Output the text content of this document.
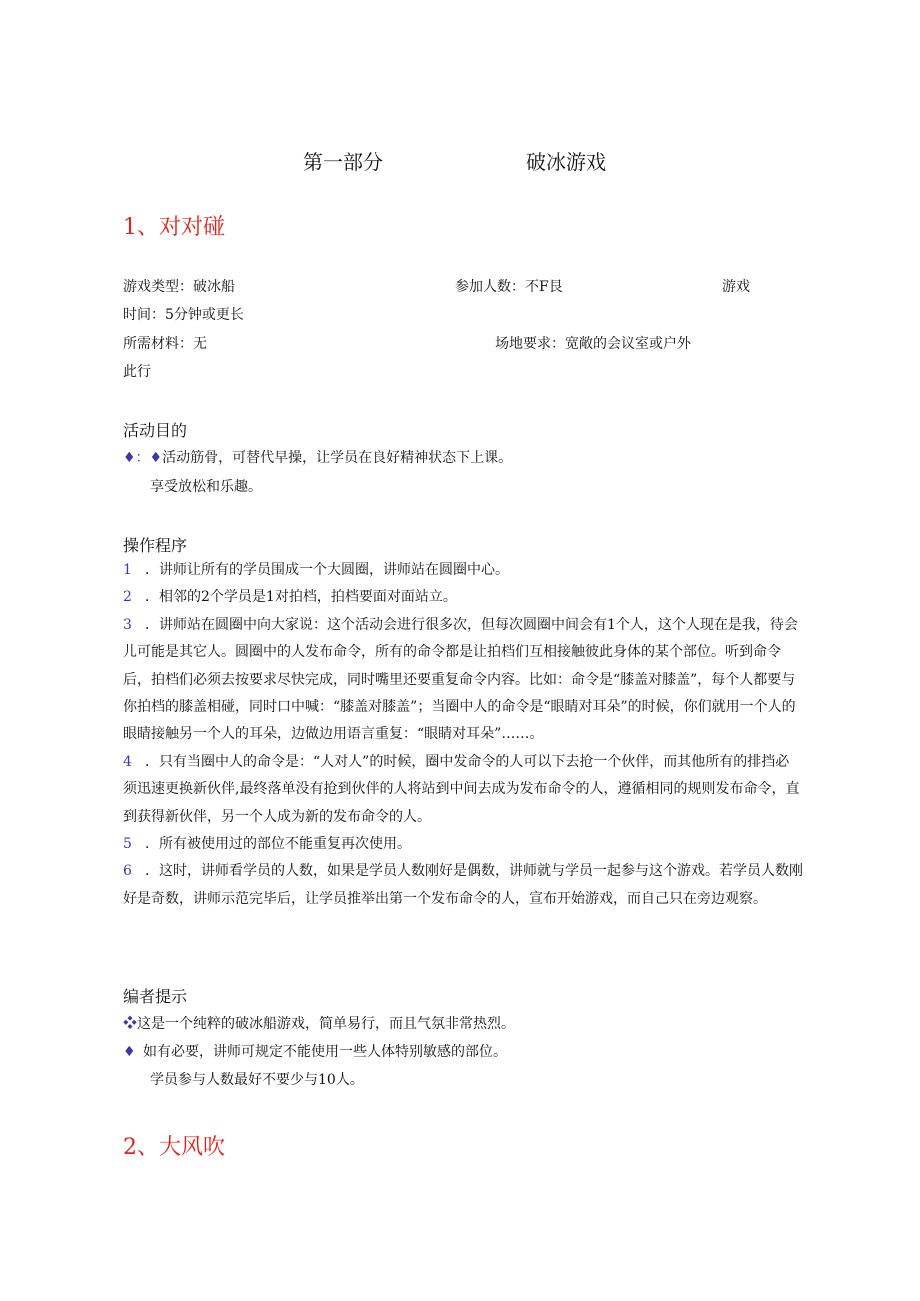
第一部分	破冰游戏
1、对对碰
游戏类型：破冰船	参加人数：不F艮	游戏
时间：5分钟或更长
所需材料：无	场地要求：宽敞的会议室或户外
此行
活动目的
♦：♦活动筋骨，可替代早操，让学员在良好精神状态下上课。
享受放松和乐趣。
操作程序
1 ．讲师让所有的学员围成一个大圆圈，讲师站在圆圈中心。
2 ．相邻的2个学员是1对拍档，拍档要面对面站立。
3 ．讲师站在圆圈中向大家说：这个活动会进行很多次，但每次圆圈中间会有1个人，这个人现在是我，待会儿可能是其它人。圆圈中的人发布命令，所有的命令都是让拍档们互相接触彼此身体的某个部位。听到命令后，拍档们必须去按要求尽快完成，同时嘴里还要重复命令内容。比如：命令是“膝盖对膝盖”，每个人都要与你拍档的膝盖相碰，同时口中喊：“膝盖对膝盖”；当圈中人的命令是“眼睛对耳朵”的时候，你们就用一个人的眼睛接触另一个人的耳朵，边做边用语言重复：“眼睛对耳朵”……。
4 ．只有当圈中人的命令是：“人对人”的时候，圈中发命令的人可以下去抢一个伙伴，而其他所有的排挡必须迅速更换新伙伴,最终落单没有抢到伙伴的人将站到中间去成为发布命令的人，遵循相同的规则发布命令，直到获得新伙伴，另一个人成为新的发布命令的人。
5 ．所有被使用过的部位不能重复再次使用。
6 ．这时，讲师看学员的人数，如果是学员人数刚好是偶数，讲师就与学员一起参与这个游戏。若学员人数刚好是奇数，讲师示范完毕后，让学员推举出第一个发布命令的人，宣布开始游戏，而自己只在旁边观察。
编者提示
❖这是一个纯粹的破冰船游戏，简单易行，而且气氛非常热烈。
♦ 如有必要，讲师可规定不能使用一些人体特别敏感的部位。
学员参与人数最好不要少与10人。
2、大风吹
